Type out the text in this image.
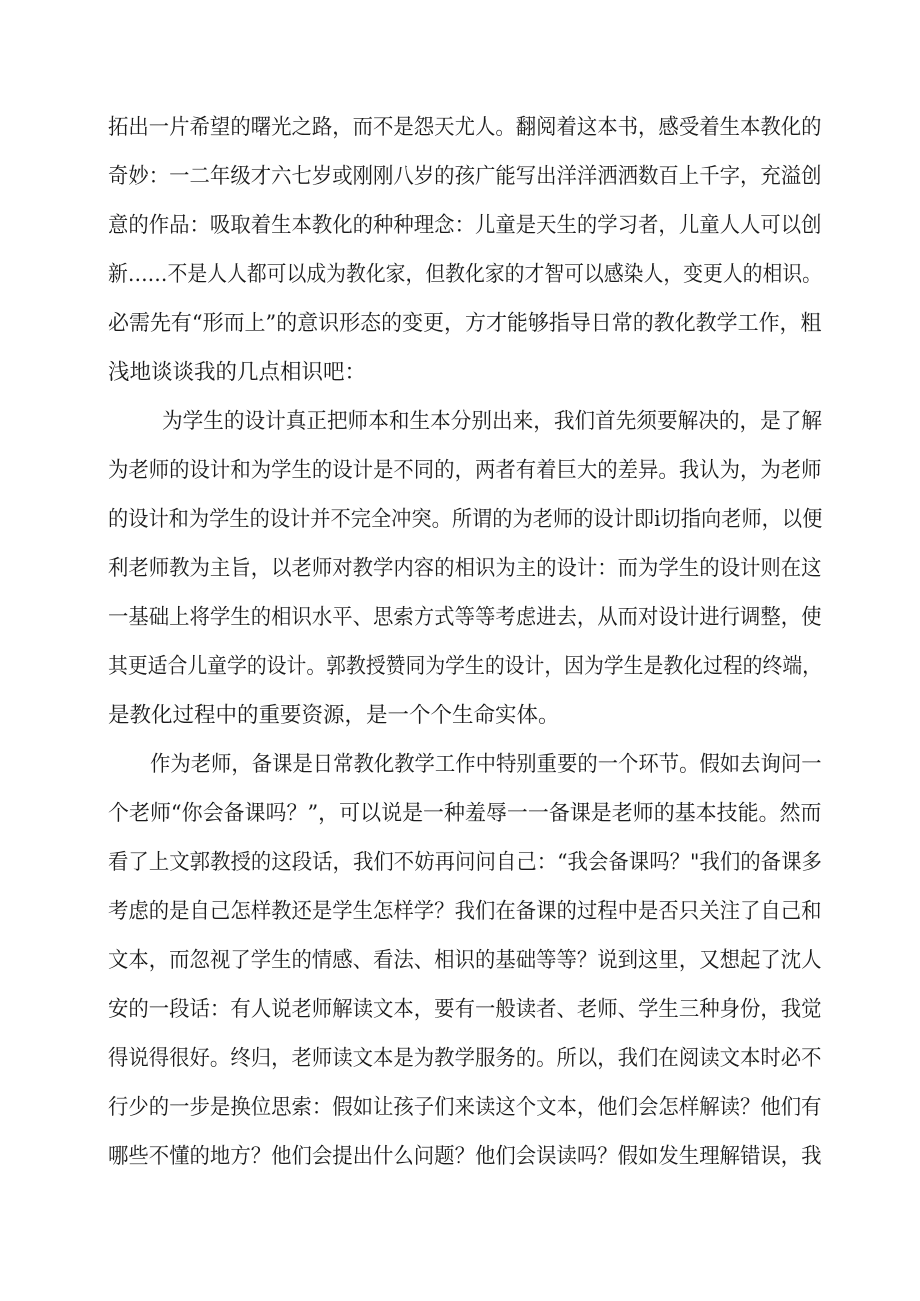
拓出一片希望的曙光之路，而不是怨天尤人。翻阅着这本书，感受着生本教化的

奇妙：一二年级才六七岁或刚刚八岁的孩广能写出洋洋洒洒数百上千字，充溢创

意的作品：吸取着生本教化的种种理念：儿童是天生的学习者，儿童人人可以创

新……不是人人都可以成为教化家，但教化家的才智可以感染人，变更人的相识。

必需先有“形而上”的意识形态的变更，方才能够指导日常的教化教学工作，粗

浅地谈谈我的几点相识吧：

为学生的设计真正把师本和生本分别出来，我们首先须要解决的，是了解

为老师的设计和为学生的设计是不同的，两者有着巨大的差异。我认为，为老师

的设计和为学生的设计并不完全冲突。所谓的为老师的设计即i切指向老师，以便

利老师教为主旨，以老师对教学内容的相识为主的设计：而为学生的设计则在这

一基础上将学生的相识水平、思索方式等等考虑进去，从而对设计进行调整，使

其更适合儿童学的设计。郭教授赞同为学生的设计，因为学生是教化过程的终端，

是教化过程中的重要资源，是一个个生命实体。

作为老师，备课是日常教化教学工作中特别重要的一个环节。假如去询问一

个老师“你会备课吗？”，可以说是一种羞辱一一备课是老师的基本技能。然而

看了上文郭教授的这段话，我们不妨再问问自己：“我会备课吗？"我们的备课多

考虑的是自己怎样教还是学生怎样学？我们在备课的过程中是否只关注了自己和

文本，而忽视了学生的情感、看法、相识的基础等等？说到这里，又想起了沈人

安的一段话：有人说老师解读文本，要有一般读者、老师、学生三种身份，我觉

得说得很好。终归，老师读文本是为教学服务的。所以，我们在阅读文本时必不

行少的一步是换位思索：假如让孩子们来读这个文本，他们会怎样解读？他们有

哪些不懂的地方？他们会提出什么问题？他们会误读吗？假如发生理解错误，我
